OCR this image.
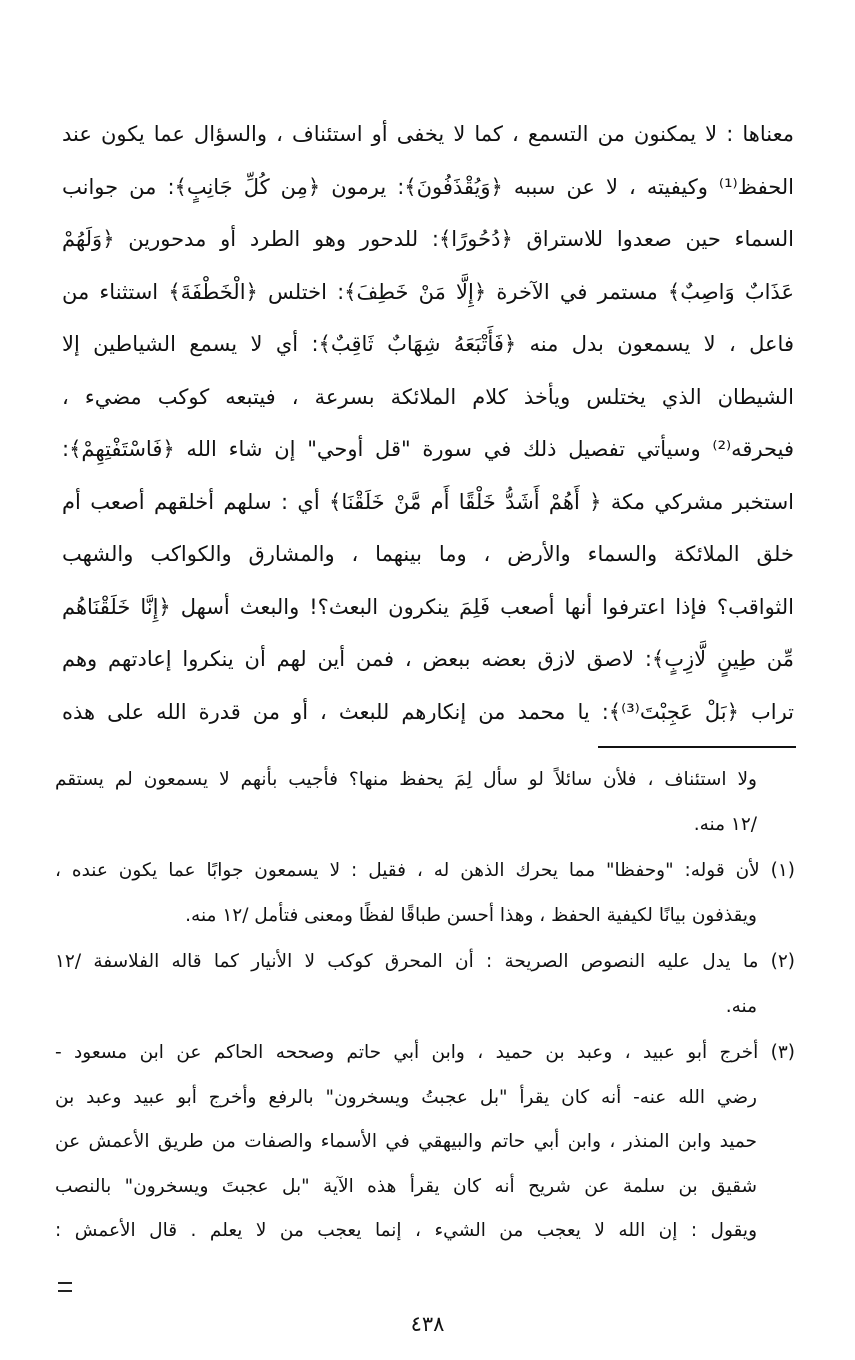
معناها : لا يمكنون من التسمع ، كما لا يخفى أو استئناف ، والسؤال عما يكون عند
الحفظ⁽¹⁾ وكيفيته ، لا عن سببه ﴿وَيُقْذَفُونَ﴾: يرمون ﴿مِن كُلِّ جَانِبٍ﴾: من جوانب
السماء حين صعدوا للاستراق ﴿دُحُورًا﴾: للدحور وهو الطرد أو مدحورين ﴿وَلَهُمْ
عَذَابٌ وَاصِبٌ﴾ مستمر في الآخرة ﴿إِلَّا مَنْ خَطِفَ﴾: اختلس ﴿الْخَطْفَةَ﴾ استثناء من
فاعل ، لا يسمعون بدل منه ﴿فَأَتْبَعَهُ شِهَابٌ ثَاقِبٌ﴾: أي لا يسمع الشياطين إلا
الشيطان الذي يختلس ويأخذ كلام الملائكة بسرعة ، فيتبعه كوكب مضيء ،
فيحرقه⁽²⁾ وسيأتي تفصيل ذلك في سورة "قل أوحي" إن شاء الله ﴿فَاسْتَفْتِهِمْ﴾:
استخبر مشركي مكة ﴿ أَهُمْ أَشَدُّ خَلْقًا أَم مَّنْ خَلَقْنَا﴾ أي : سلهم أخلقهم أصعب أم
خلق الملائكة والسماء والأرض ، وما بينهما ، والمشارق والكواكب والشهب
الثواقب؟ فإذا اعترفوا أنها أصعب فَلِمَ ينكرون البعث؟! والبعث أسهل ﴿إِنَّا خَلَقْنَاهُم
مِّن طِينٍ لَّازِبٍ﴾: لاصق لازق بعضه ببعض ، فمن أين لهم أن ينكروا إعادتهم وهم
تراب ﴿بَلْ عَجِبْتَ⁽³⁾﴾: يا محمد من إنكارهم للبعث ، أو من قدرة الله على هذه
ولا استئناف ، فلأن سائلاً لو سأل لِمَ يحفظ منها؟ فأجيب بأنهم لا يسمعون لم يستقم
/١٢ منه.
(١) لأن قوله: "وحفظا" مما يحرك الذهن له ، فقيل : لا يسمعون جوابًا عما يكون عنده ،
ويقذفون بيانًا لكيفية الحفظ ، وهذا أحسن طباقًا لفظًا ومعنى فتأمل /١٢ منه.
(٢) ما يدل عليه النصوص الصريحة : أن المحرق كوكب لا الأنيار كما قاله الفلاسفة /١٢
منه.
(٣) أخرج أبو عبيد ، وعبد بن حميد ، وابن أبي حاتم وصححه الحاكم عن ابن مسعود -
رضي الله عنه- أنه كان يقرأ "بل عجبتُ ويسخرون" بالرفع وأخرج أبو عبيد وعبد بن
حميد وابن المنذر ، وابن أبي حاتم والبيهقي في الأسماء والصفات من طريق الأعمش عن
شقيق بن سلمة عن شريح أنه كان يقرأ هذه الآية "بل عجبتَ ويسخرون" بالنصب
ويقول : إن الله لا يعجب من الشيء ، إنما يعجب من لا يعلم . قال الأعمش :
٤٣٨
